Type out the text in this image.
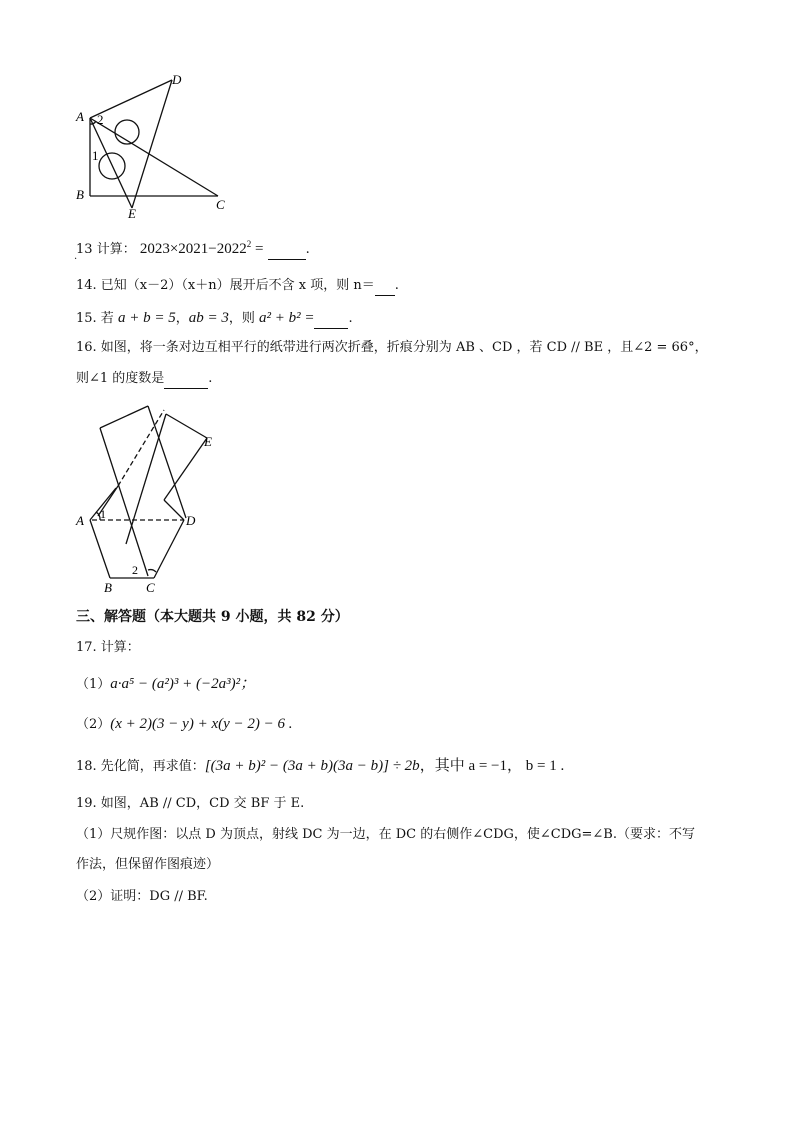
A
B
C
D
E
1
2
13 计算： $2023\times 2021-2022^2$ =	.
.
14. 已知（x－2）（x＋n）展开后不含 x 项，则 n＝ .
15. 若 a + b = 5，ab = 3，则 a² + b² =	.
16. 如图，将一条对边互相平行的纸带进行两次折叠，折痕分别为 AB 、CD ，若 CD // BE ，且∠2 = 66°，
则∠1 的度数是	.
A
B	C
D
E
1
2
三、解答题（本大题共 9 小题，共 82 分）
17. 计算：
（1）a·a⁵ − (a²)³ + (−2a³)²；
（2）(x + 2)(3 − y) + x(y − 2) − 6 .
18. 先化简，再求值：[(3a + b)² − (3a + b)(3a − b)] ÷ 2b，其中 a = −1， b = 1 .
19. 如图，AB // CD，CD 交 BF 于 E.
（1）尺规作图：以点 D 为顶点，射线 DC 为一边，在 DC 的右侧作∠CDG，使∠CDG=∠B.（要求：不写
作法，但保留作图痕迹）
（2）证明：DG // BF.
